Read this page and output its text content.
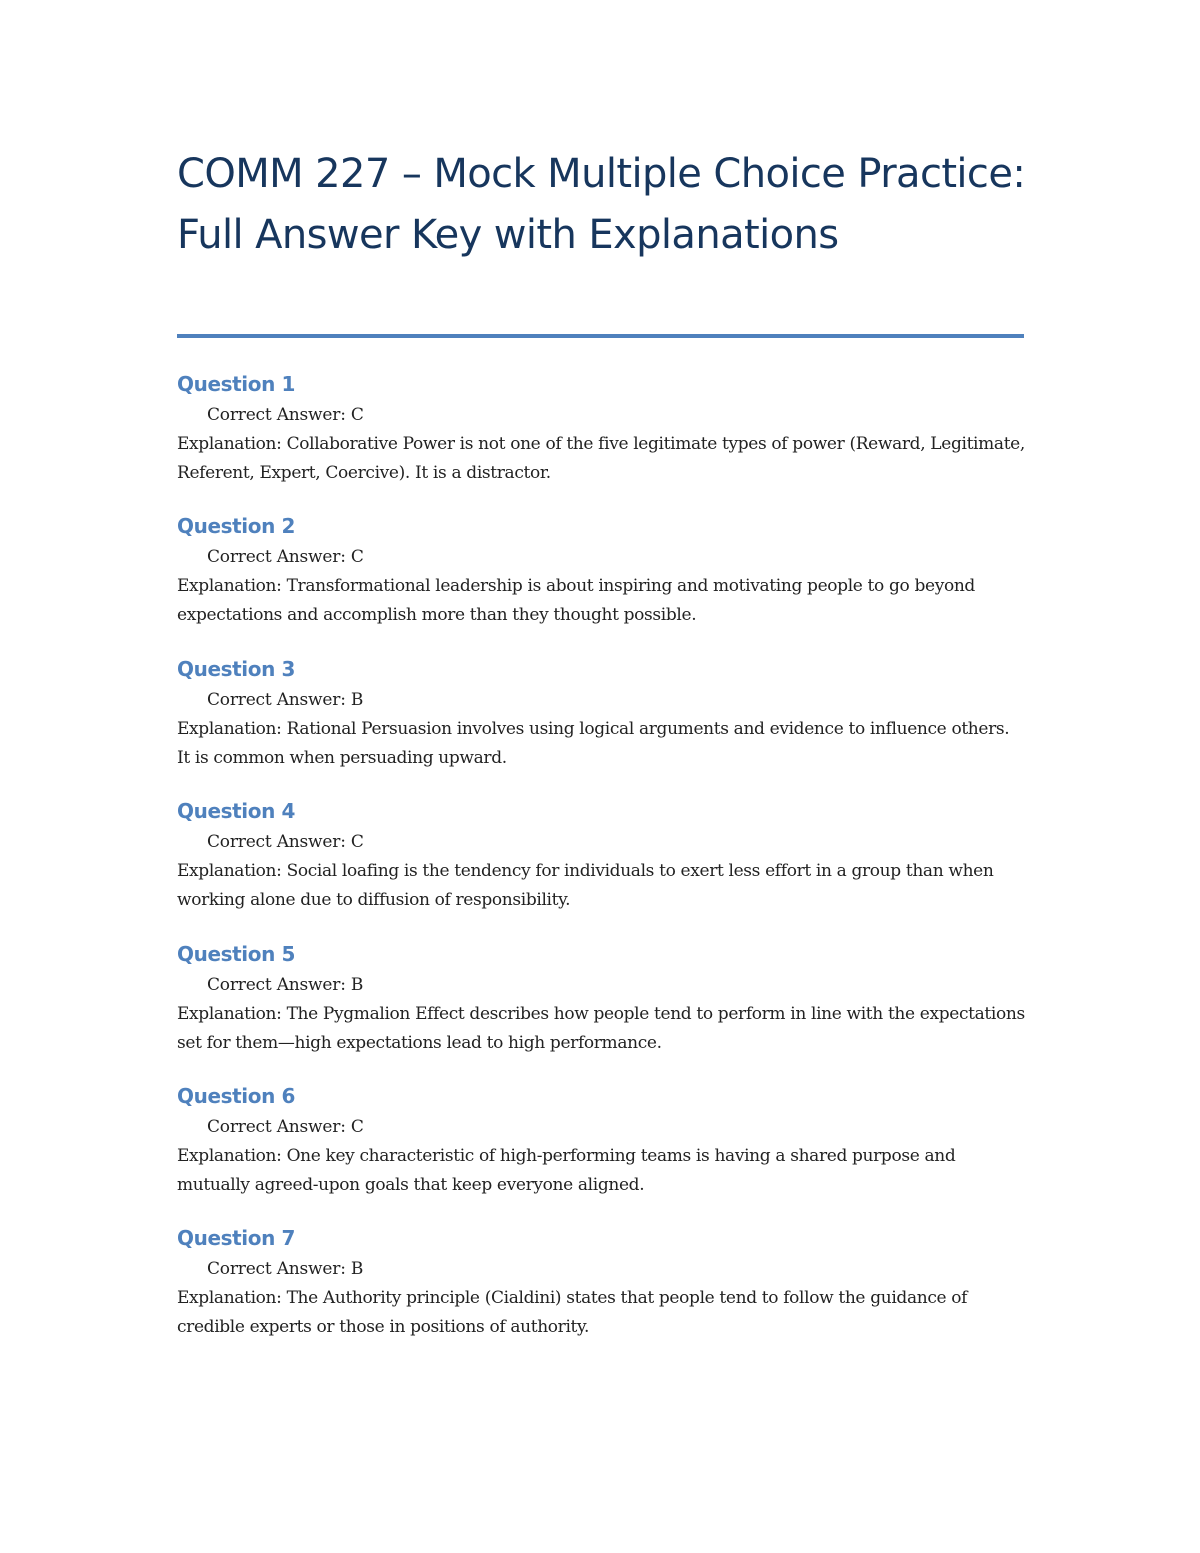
COMM 227 – Mock Multiple Choice Practice: Full Answer Key with Explanations
Question 1

Correct Answer: C

Explanation: Collaborative Power is not one of the five legitimate types of power (Reward, Legitimate, Referent, Expert, Coercive). It is a distractor.

Question 2

Correct Answer: C

Explanation: Transformational leadership is about inspiring and motivating people to go beyond expectations and accomplish more than they thought possible.

Question 3

Correct Answer: B

Explanation: Rational Persuasion involves using logical arguments and evidence to influence others. It is common when persuading upward.

Question 4

Correct Answer: C

Explanation: Social loafing is the tendency for individuals to exert less effort in a group than when working alone due to diffusion of responsibility.

Question 5

Correct Answer: B

Explanation: The Pygmalion Effect describes how people tend to perform in line with the expectations set for them—high expectations lead to high performance.

Question 6

Correct Answer: C

Explanation: One key characteristic of high-performing teams is having a shared purpose and mutually agreed-upon goals that keep everyone aligned.

Question 7

Correct Answer: B

Explanation: The Authority principle (Cialdini) states that people tend to follow the guidance of credible experts or those in positions of authority.
